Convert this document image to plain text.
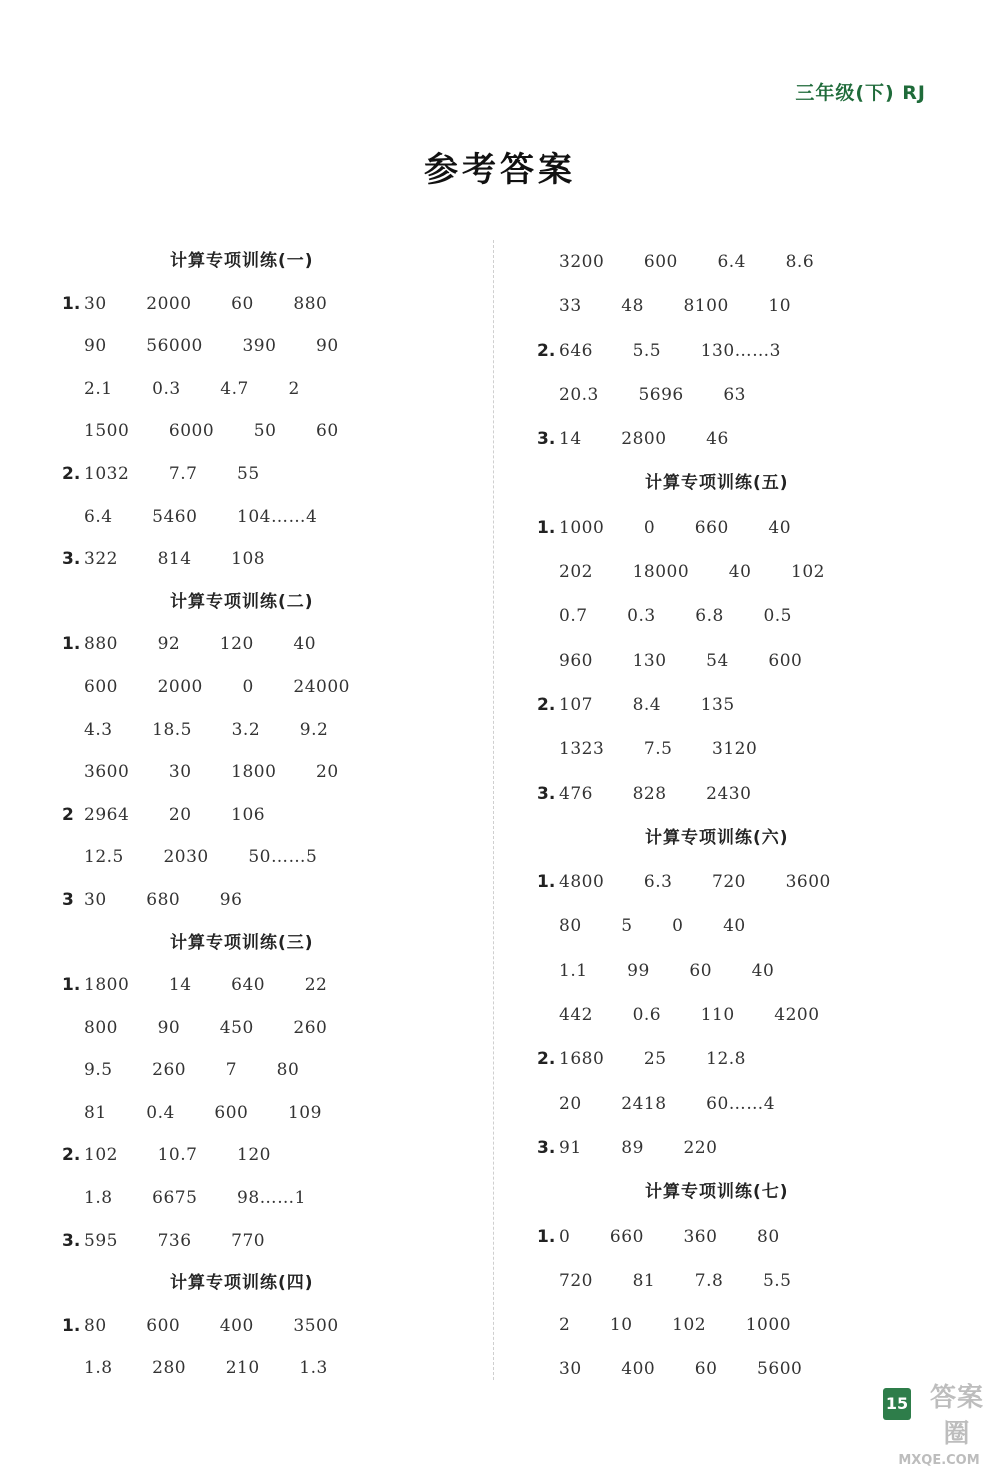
三年级(下) RJ
参考答案
计算专项训练(一)
1. 30    2000    60    880
90    56000    390    90
2.1    0.3    4.7    2
1500    6000    50    60
2. 1032    7.7    55
6.4    5460    104……4
3. 322    814    108
计算专项训练(二)
1. 880    92    120    40
600    2000    0    24000
4.3    18.5    3.2    9.2
3600    30    1800    20
2 2964    20    106
12.5    2030    50……5
3 30    680    96
计算专项训练(三)
1. 1800    14    640    22
800    90    450    260
9.5    260    7    80
81    0.4    600    109
2. 102    10.7    120
1.8    6675    98……1
3. 595    736    770
计算专项训练(四)
1. 80    600    400    3500
1.8    280    210    1.3
3200    600    6.4    8.6
33    48    8100    10
2. 646    5.5    130……3
20.3    5696    63
3. 14    2800    46
计算专项训练(五)
1. 1000    0    660    40
202    18000    40    102
0.7    0.3    6.8    0.5
960    130    54    600
2. 107    8.4    135
1323    7.5    3120
3. 476    828    2430
计算专项训练(六)
1. 4800    6.3    720    3600
80    5    0    40
1.1    99    60    40
442    0.6    110    4200
2. 1680    25    12.8
20    2418    60……4
3. 91    89    220
计算专项训练(七)
1. 0    660    360    80
720    81    7.8    5.5
2    10    102    1000
30    400    60    5600
15 答案圈
MXQE.COM
